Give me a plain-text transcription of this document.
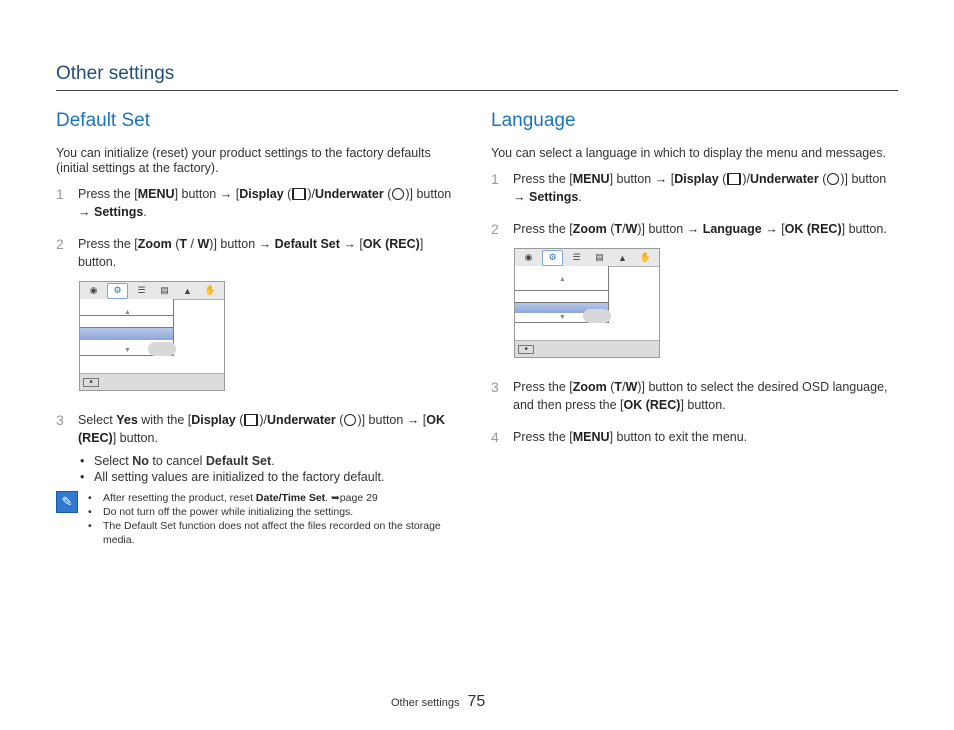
Other settings
Default Set

You can initialize (reset) your product settings to the factory defaults (initial settings at the factory).

1 Press the [MENU] button → [Display ( )/Underwater ( )] button → Settings.
2 Press the [Zoom (T / W)] button → Default Set → [OK (REC)] button.
◉	⚙	☰	▤	▲	✋
▲
▼
■
3 Select Yes with the [Display ( )/Underwater ( )] button → [OK (REC)] button.
• Select No to cancel Default Set.
• All setting values are initialized to the factory default.
✎
•	After resetting the product, reset Date/Time Set. ➥page 29
• Do not turn off the power while initializing the settings.
• The Default Set function does not affect the files recorded on the storage media.
Language

You can select a language in which to display the menu and messages.

1 Press the [MENU] button → [Display ( )/Underwater ( )] button → Settings.
2 Press the [Zoom (T/W)] button → Language → [OK (REC)] button.
◉	⚙	☰	▤	▲	✋
▲
▼
■
3 Press the [Zoom (T/W)] button to select the desired OSD language, and then press the [OK (REC)] button.
4 Press the [MENU] button to exit the menu.
Other settings 75
